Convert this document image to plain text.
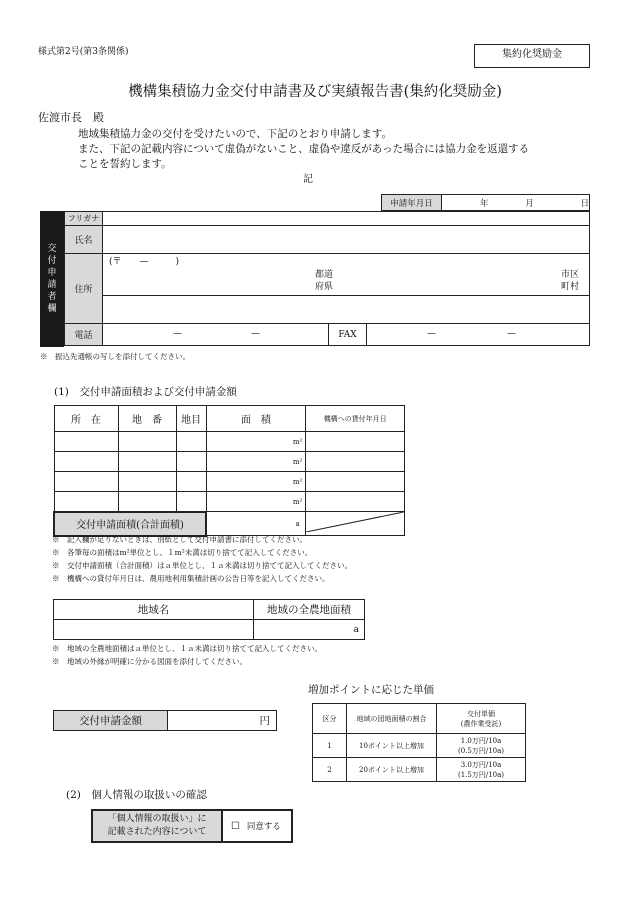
様式第2号(第3条関係)	集約化奨励金
機構集積協力金交付申請書及び実績報告書(集約化奨励金)
佐渡市長　殿
地域集積協力金の交付を受けたいので、下記のとおり申請します。
また、下記の記載内容について虚偽がないこと、虚偽や違反があった場合には協力金を返還する
ことを誓約します。
記
申請年月日	年	月	日
交
付
申
請
者
欄
フリガナ			
氏名			
住所	(〒　　—　　　)		

	都道
府県
市区
町村		

電話	— —	FAX	— —
※　振込先通帳の写しを添付してください。
(1)　交付申請面積および交付申請金額
所　在	地　番	地目	面　積		機構への貸付年月日
				m²	
				m²	
				m²	
				m²	
交付申請面積(合計面積)				a	
※　記入欄が足りないときは、別紙として交付申請書に添付してください。
※　各筆毎の面積はm²単位とし、１m²未満は切り捨てて記入してください。
※　交付申請面積（合計面積）はａ単位とし、１ａ未満は切り捨てて記入してください。
※　機構への貸付年月日は、農用地利用集積計画の公告日等を記入してください。
地域名	地域の全農地面積	
		a
※　地域の全農地面積はａ単位とし、１ａ未満は切り捨てて記入してください。
※　地域の外縁が明確に分かる図面を添付してください。
交付申請金額	円
増加ポイントに応じた単価
区分	地域の団地面積の割合	交付単価
(農作業受託)
1	10ポイント以上増加	1.0万円/10a
(0.5万円/10a)

2	20ポイント以上増加	3.0万円/10a
(1.5万円/10a)
(2)　個人情報の取扱いの確認
「個人情報の取扱い」に
記載された内容について	☐ 同意する
